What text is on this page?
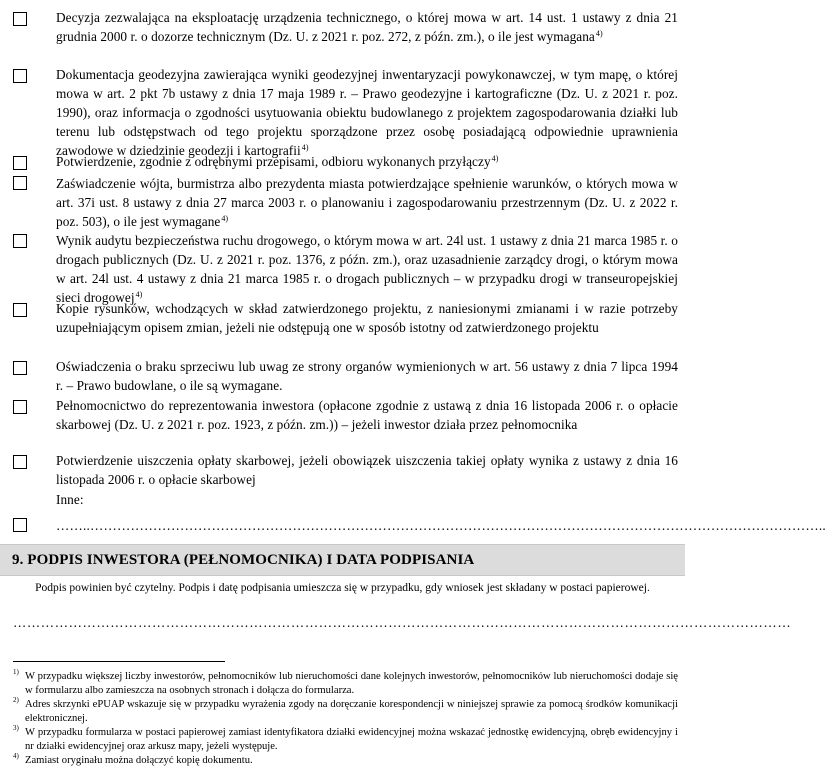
Decyzja zezwalająca na eksploatację urządzenia technicznego, o której mowa w art. 14 ust. 1 ustawy z dnia 21 grudnia 2000 r. o dozorze technicznym (Dz. U. z 2021 r. poz. 272, z późn. zm.), o ile jest wymagana$^{4)}$
Dokumentacja geodezyjna zawierająca wyniki geodezyjnej inwentaryzacji powykonawczej, w tym mapę, o której mowa w art. 2 pkt 7b ustawy z dnia 17 maja 1989 r. – Prawo geodezyjne i kartograficzne (Dz. U. z 2021 r. poz. 1990), oraz informacja o zgodności usytuowania obiektu budowlanego z projektem zagospodarowania działki lub terenu lub odstępstwach od tego projektu sporządzone przez osobę posiadającą odpowiednie uprawnienia zawodowe w dziedzinie geodezji i kartografii$^{4)}$
Potwierdzenie, zgodnie z odrębnymi przepisami, odbioru wykonanych przyłączy$^{4)}$
Zaświadczenie wójta, burmistrza albo prezydenta miasta potwierdzające spełnienie warunków, o których mowa w art. 37i ust. 8 ustawy z dnia 27 marca 2003 r. o planowaniu i zagospodarowaniu przestrzennym (Dz. U. z 2022 r. poz. 503), o ile jest wymagane$^{4)}$
Wynik audytu bezpieczeństwa ruchu drogowego, o którym mowa w art. 24l ust. 1 ustawy z dnia 21 marca 1985 r. o drogach publicznych (Dz. U. z 2021 r. poz. 1376, z późn. zm.), oraz uzasadnienie zarządcy drogi, o którym mowa w art. 24l ust. 4 ustawy z dnia 21 marca 1985 r. o drogach publicznych – w przypadku drogi w transeuropejskiej sieci drogowej$^{4)}$
Kopie rysunków, wchodzących w skład zatwierdzonego projektu, z naniesionymi zmianami i w razie potrzeby uzupełniającym opisem zmian, jeżeli nie odstępują one w sposób istotny od zatwierdzonego projektu
Oświadczenia o braku sprzeciwu lub uwag ze strony organów wymienionych w art. 56 ustawy z dnia 7 lipca 1994 r. – Prawo budowlane, o ile są wymagane.
Pełnomocnictwo do reprezentowania inwestora (opłacone zgodnie z ustawą z dnia 16 listopada 2006 r. o opłacie skarbowej (Dz. U. z 2021 r. poz. 1923, z późn. zm.)) – jeżeli inwestor działa przez pełnomocnika
Potwierdzenie uiszczenia opłaty skarbowej, jeżeli obowiązek uiszczenia takiej opłaty wynika z ustawy z dnia 16 listopada 2006 r. o opłacie skarbowej
Inne:
……..………………………………………………………………………………………………………………………………………………..
9. PODPIS INWESTORA (PEŁNOMOCNIKA) I DATA PODPISANIA
Podpis powinien być czytelny. Podpis i datę podpisania umieszcza się w przypadku, gdy wniosek jest składany w postaci papierowej.
……………………………………………………………………………………………………………………………………………………
1) W przypadku większej liczby inwestorów, pełnomocników lub nieruchomości dane kolejnych inwestorów, pełnomocników lub nieruchomości dodaje się w formularzu albo zamieszcza na osobnych stronach i dołącza do formularza.
2) Adres skrzynki ePUAP wskazuje się w przypadku wyrażenia zgody na doręczanie korespondencji w niniejszej sprawie za pomocą środków komunikacji elektronicznej.
3) W przypadku formularza w postaci papierowej zamiast identyfikatora działki ewidencyjnej można wskazać jednostkę ewidencyjną, obręb ewidencyjny i nr działki ewidencyjnej oraz arkusz mapy, jeżeli występuje.
4) Zamiast oryginału można dołączyć kopię dokumentu.
